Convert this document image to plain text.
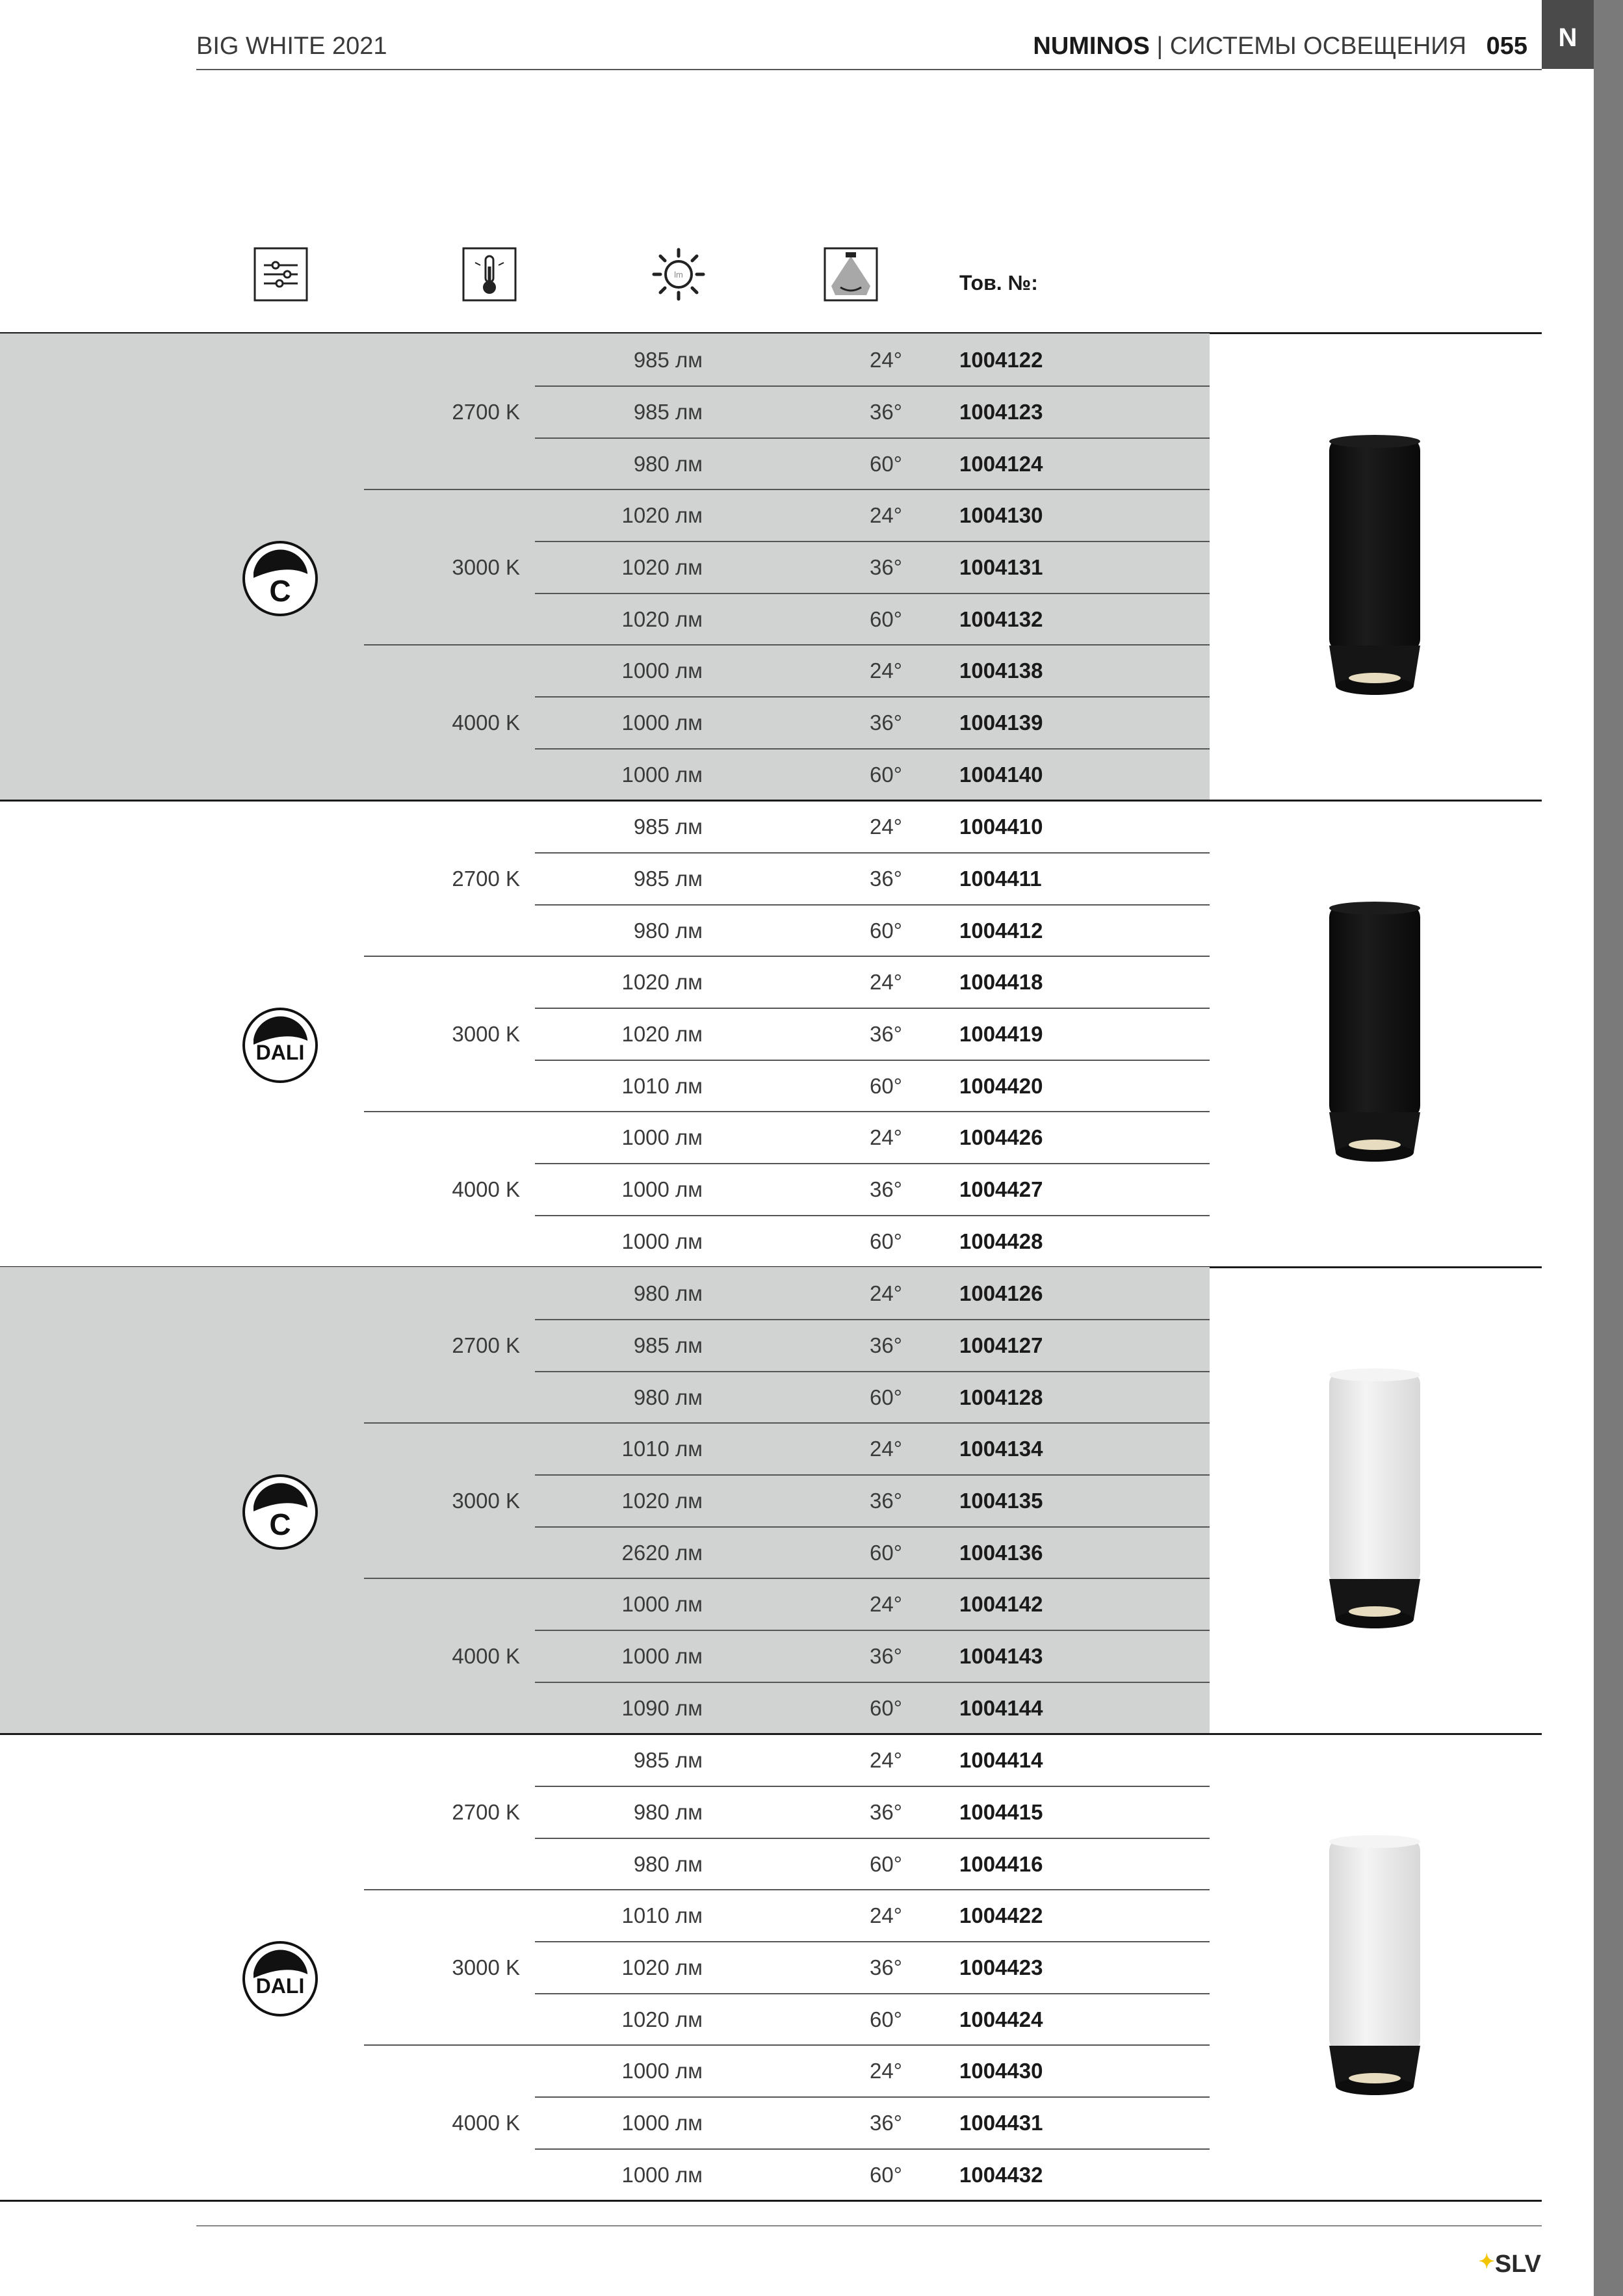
BIG WHITE 2021	NUMINOS | СИСТЕМЫ ОСВЕЩЕНИЯ 055	N
lm	Тов. №:
C
2700 K
985 лм	24°	1004122
985 лм	36°	1004123
980 лм	60°	1004124
3000 K
1020 лм	24°	1004130
1020 лм	36°	1004131
1020 лм	60°	1004132
4000 K
1000 лм	24°	1004138
1000 лм	36°	1004139
1000 лм	60°	1004140
DALI
2700 K
985 лм	24°	1004410
985 лм	36°	1004411
980 лм	60°	1004412
3000 K
1020 лм	24°	1004418
1020 лм	36°	1004419
1010 лм	60°	1004420
4000 K
1000 лм	24°	1004426
1000 лм	36°	1004427
1000 лм	60°	1004428
C
2700 K
980 лм	24°	1004126
985 лм	36°	1004127
980 лм	60°	1004128
3000 K
1010 лм	24°	1004134
1020 лм	36°	1004135
2620 лм	60°	1004136
4000 K
1000 лм	24°	1004142
1000 лм	36°	1004143
1090 лм	60°	1004144
DALI
2700 K
985 лм	24°	1004414
980 лм	36°	1004415
980 лм	60°	1004416
3000 K
1010 лм	24°	1004422
1020 лм	36°	1004423
1020 лм	60°	1004424
4000 K
1000 лм	24°	1004430
1000 лм	36°	1004431
1000 лм	60°	1004432
✦SLV
